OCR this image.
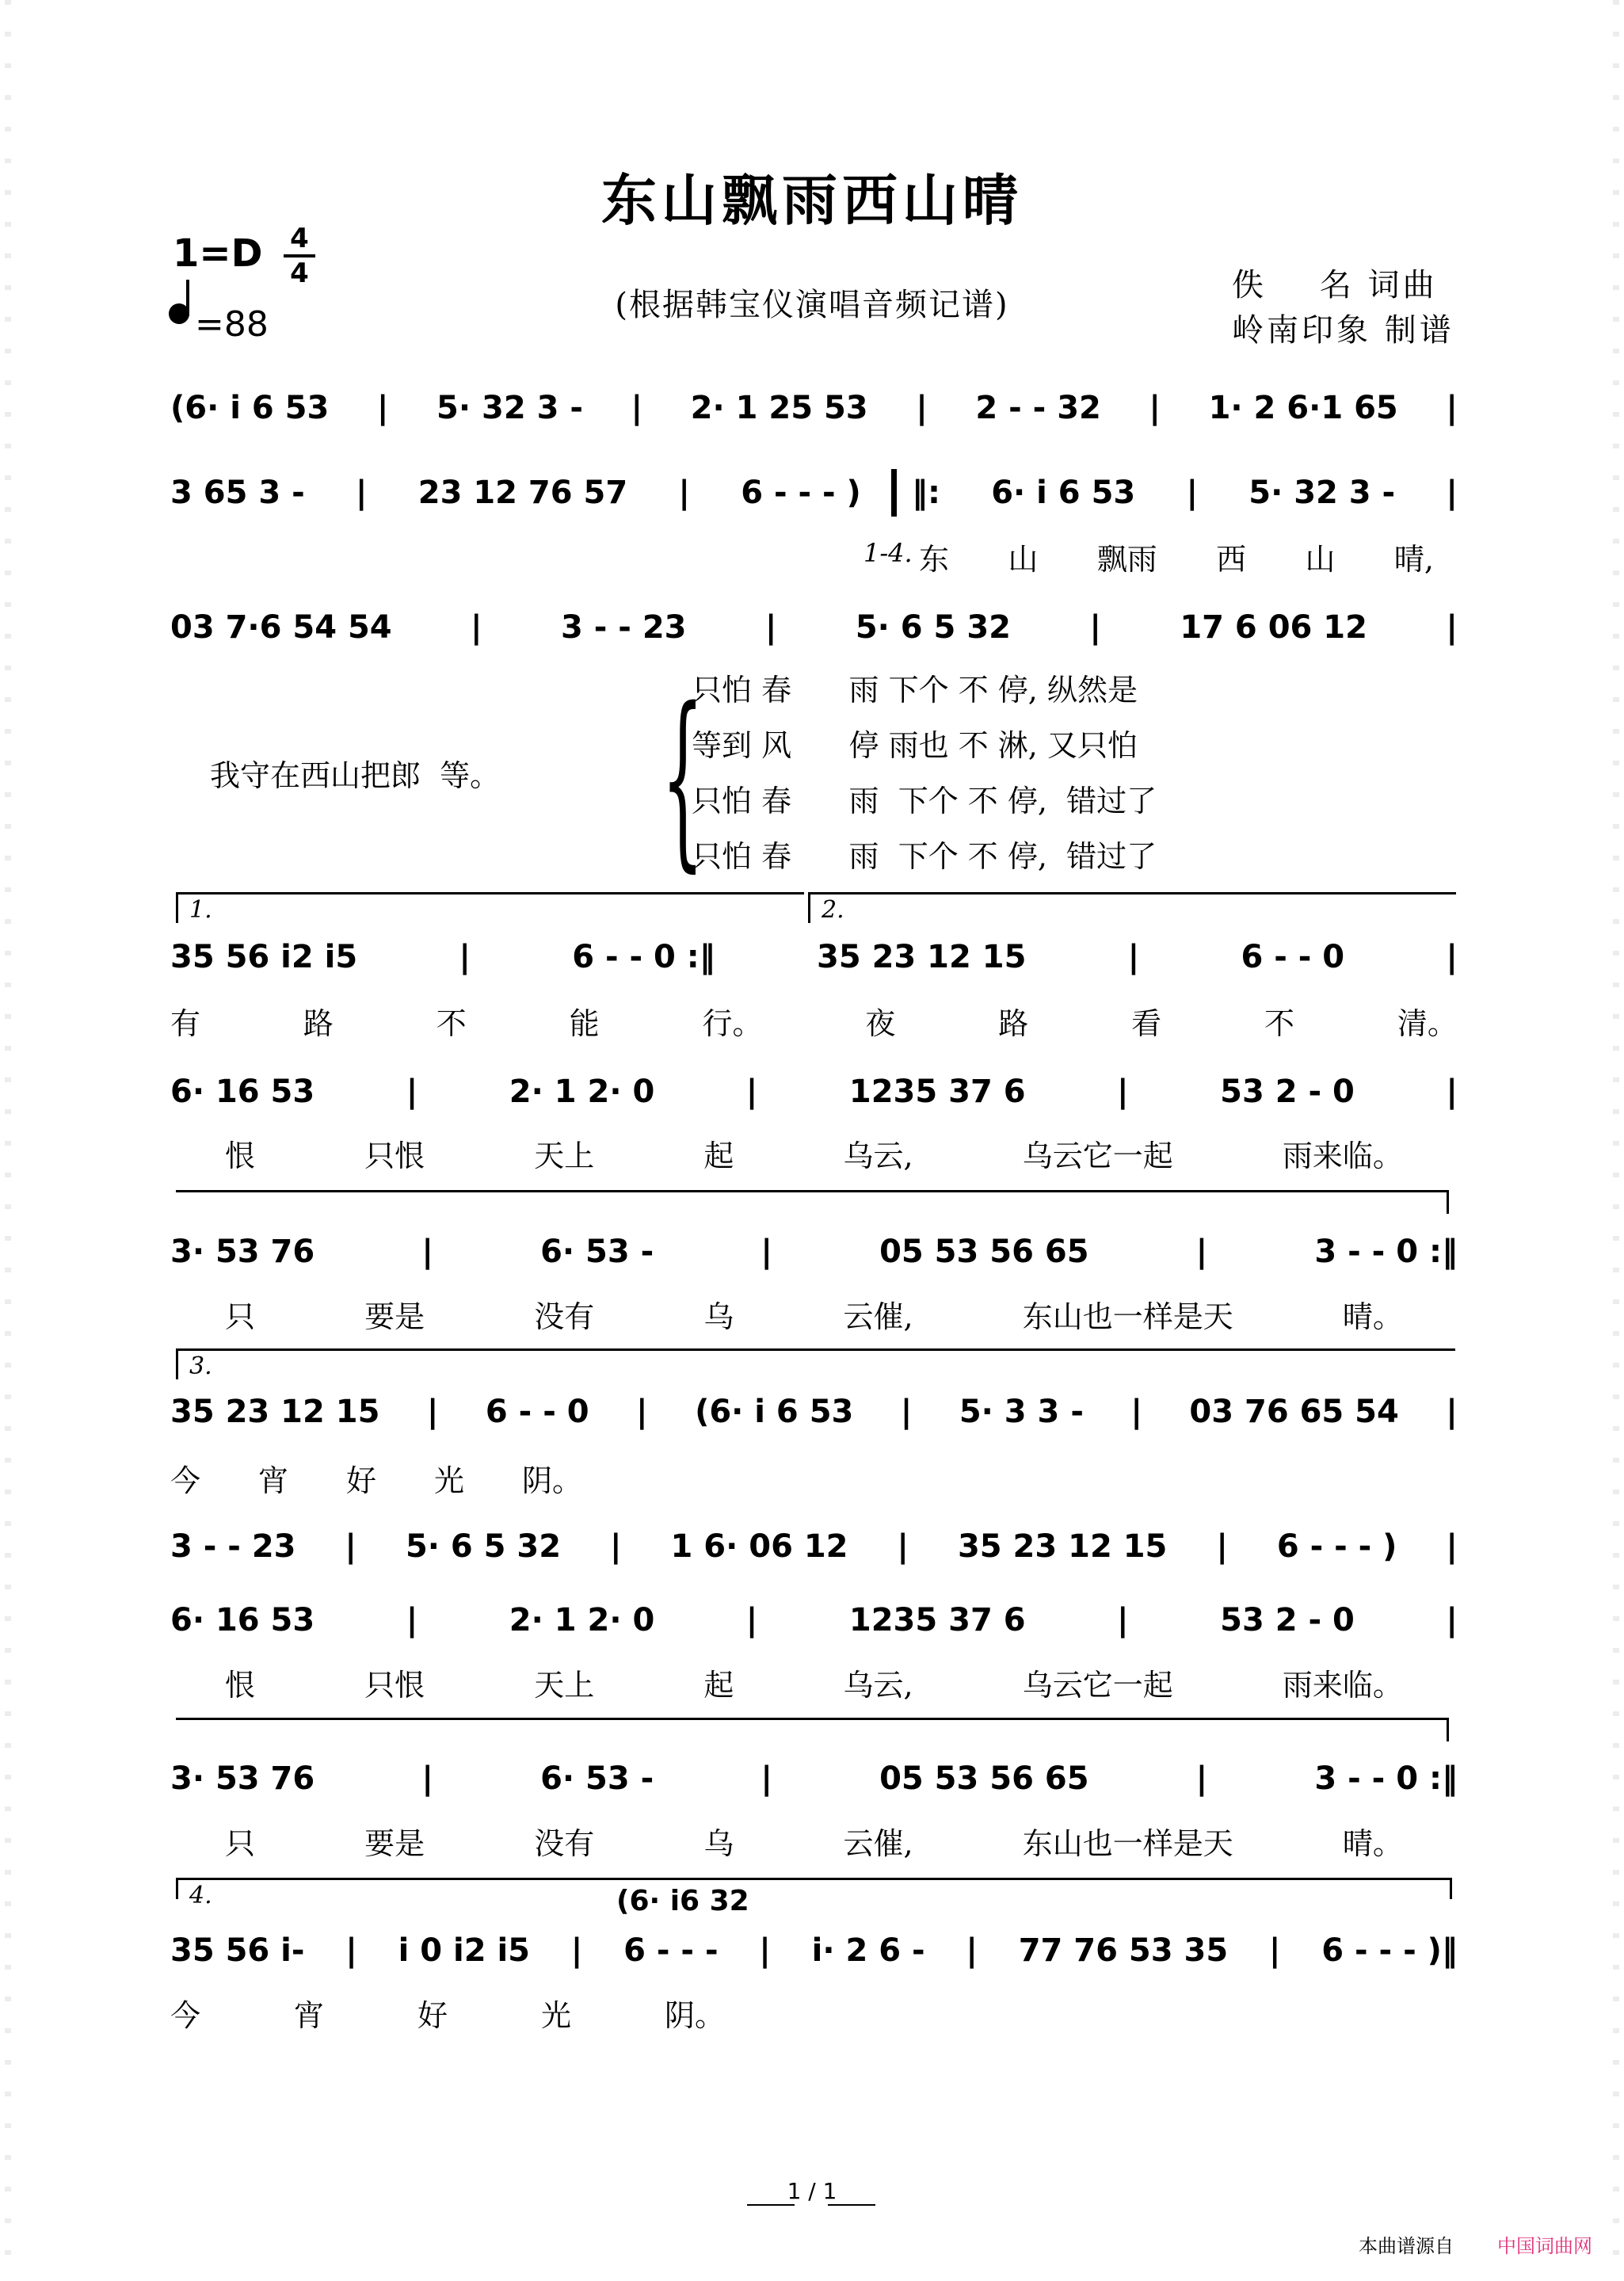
东山飘雨西山晴
(根据韩宝仪演唱音频记谱)
1=D 4
4
=88
佚    名 词曲
岭南印象 制谱
(6· i 6 53 | 5· 32 3 - | 2· 1 25 53 | 2 - - 32 | 1· 2 6·1 65 |
3 65 3 - | 23 12 76 57 | 6 - - - ) ‖: 6· i 6 53 | 5· 32 3 - |
1-4. 东 山 飘雨 西 山 晴,
03 7·6 54 54 | 3 - - 23 | 5· 6 5 32 | 17 6 06 12 |
我守在西山把郎  等。 {
只怕 春      雨 下个 不 停, 纵然是
等到 风      停 雨也 不 淋, 又只怕
只怕 春      雨  下个 不 停,  错过了
只怕 春      雨  下个 不 停,  错过了
1.	2.
35 56 i2 i5	|	6 - - 0 :‖	35 23 12 15	|	6 - - 0	|
有	路	不	能	行。	夜	路	看	不	清。
6· 16 53	|	2· 1 2· 0	|	1235 37 6	|	53 2 - 0	|
恨	只恨	天上	起	乌云,	乌云它一起	雨来临。
3· 53 76	|	6· 53 -	|	05 53 56 65	|	3 - - 0 :‖
只	要是	没有	乌	云催,	东山也一样是天	晴。
3.
35 23 12 15 | 6 - - 0 | (6· i 6 53 | 5· 3 3 - | 03 76 65 54 |
今 宵 好 光 阴。
3 - - 23 | 5· 6 5 32 | 1 6· 06 12 | 35 23 12 15 | 6 - - - ) |
6· 16 53	|	2· 1 2· 0	|	1235 37 6	|	53 2 - 0	|
恨	只恨	天上	起	乌云,	乌云它一起	雨来临。
3· 53 76	|	6· 53 -	|	05 53 56 65	|	3 - - 0 :‖
只	要是	没有	乌	云催,	东山也一样是天	晴。
4.	(6· i6 32
35 56 i- | i 0 i2 i5 | 6 - - - | i· 2 6 - | 77 76 53 35 | 6 - - - )‖
今	宵	好	光	阴。
1 / 1
本曲谱源自 中国词曲网
